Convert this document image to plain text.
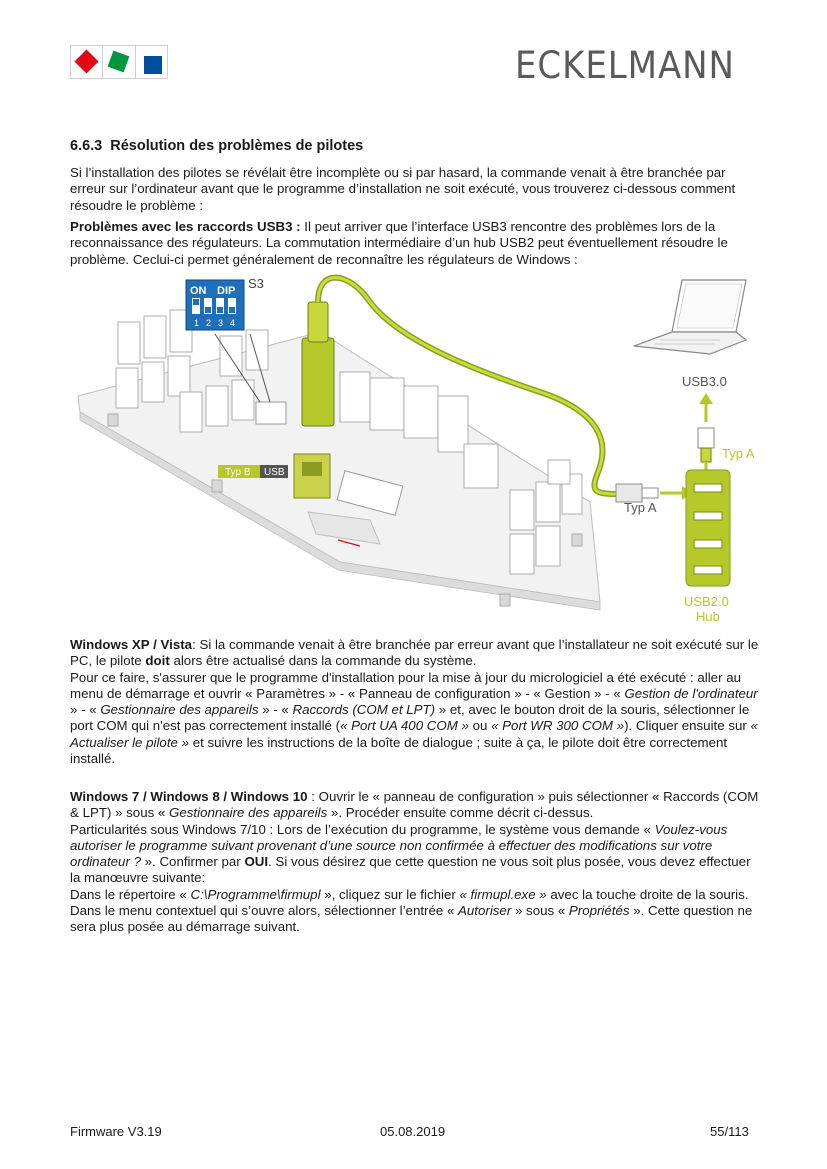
ECKELMANN
6.6.3 Résolution des problèmes de pilotes

Si l’installation des pilotes se révélait être incomplète ou si par hasard, la commande venait à être branchée par erreur sur l’ordinateur avant que le programme d’installation ne soit exécuté, vous trouverez ci-dessous comment résoudre le problème :

Problèmes avec les raccords USB3 : Il peut arriver que l’interface USB3 rencontre des problèmes lors de la reconnaissance des régulateurs. La commutation intermédiaire d’un hub USB2 peut éventuellement résoudre le problème. Ceclui-ci permet généralement de reconnaître les régulateurs de Windows :

ON DIP
1 2 3 4
S3
Typ B USB
Typ A
USB3.0
Typ A
USB2.0
Hub

Windows XP / Vista: Si la commande venait à être branchée par erreur avant que l’installateur ne soit exécuté sur le PC, le pilote doit alors être actualisé dans la commande du système.
Pour ce faire, s'assurer que le programme d'installation pour la mise à jour du micrologiciel a été exécuté : aller au menu de démarrage et ouvrir « Paramètres » - « Panneau de configuration » - « Gestion » - « Gestion de l'ordinateur » - « Gestionnaire des appareils » - « Raccords (COM et LPT) » et, avec le bouton droit de la souris, sélectionner le port COM qui n'est pas correctement installé (« Port UA 400 COM » ou « Port WR 300 COM »). Cliquer ensuite sur « Actualiser le pilote » et suivre les instructions de la boîte de dialogue ; suite à ça, le pilote doit être correctement installé.

Windows 7 / Windows 8 / Windows 10 : Ouvrir le « panneau de configuration » puis sélectionner « Raccords (COM & LPT) » sous « Gestionnaire des appareils ». Procéder ensuite comme décrit ci-dessus.
Particularités sous Windows 7/10 : Lors de l’exécution du programme, le système vous demande « Voulez-vous autoriser le programme suivant provenant d’une source non confirmée à effectuer des modifications sur votre ordinateur ? ». Confirmer par OUI. Si vous désirez que cette question ne vous soit plus posée, vous devez effectuer la manœuvre suivante:
Dans le répertoire « C:\Programme\firmupl », cliquez sur le fichier « firmupl.exe » avec la touche droite de la souris. Dans le menu contextuel qui s’ouvre alors, sélectionner l’entrée « Autoriser » sous « Propriétés ». Cette question ne sera plus posée au démarrage suivant.

Firmware V3.19	05.08.2019	55/113
